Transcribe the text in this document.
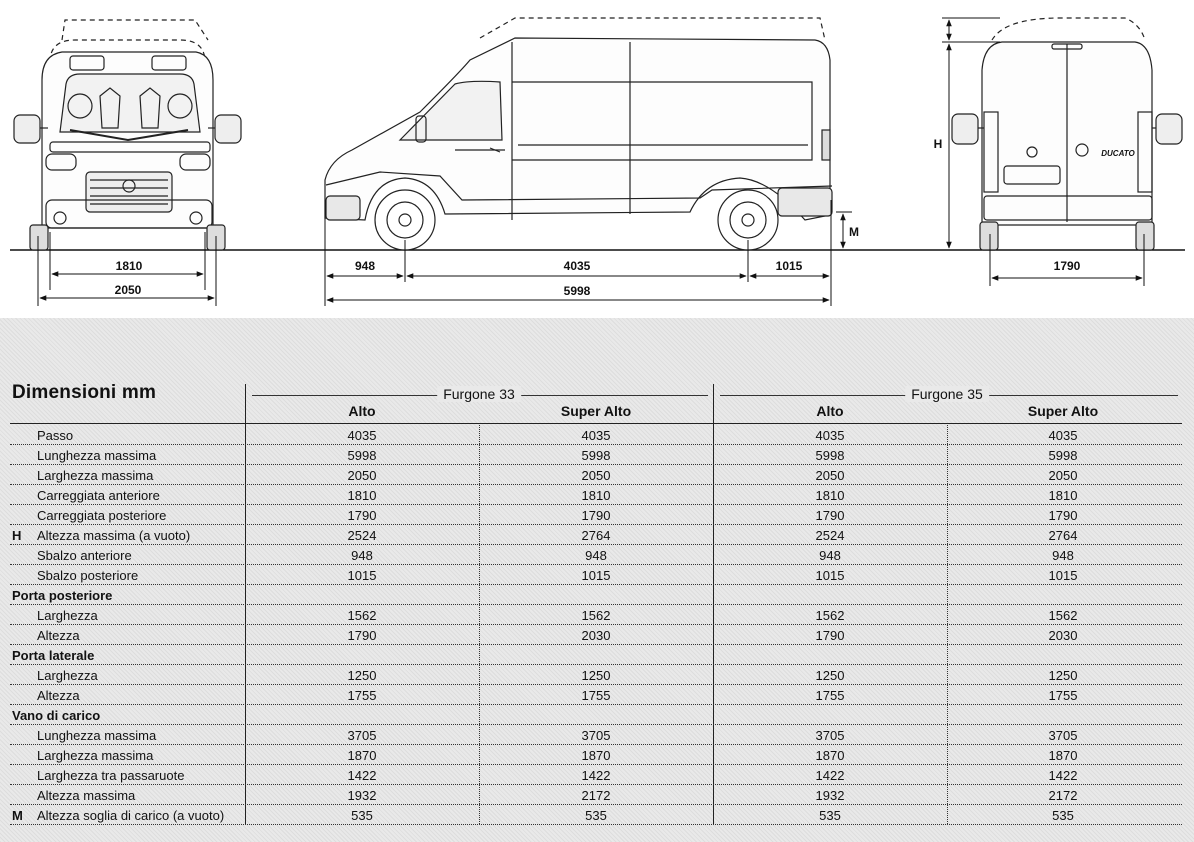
1810
2050
948	4035	1015
5998
M
DUCATO
H
1790
Dimensioni mm	Furgone 33	Furgone 35
Alto	Super Alto	Alto	Super Alto
Passo	4035	4035	4035	4035
Lunghezza massima	5998	5998	5998	5998
Larghezza massima	2050	2050	2050	2050
Carreggiata anteriore	1810	1810	1810	1810
Carreggiata posteriore	1790	1790	1790	1790
H Altezza massima (a vuoto)	2524	2764	2524	2764
Sbalzo anteriore	948	948	948	948
Sbalzo posteriore	1015	1015	1015	1015
Porta posteriore
Larghezza	1562	1562	1562	1562
Altezza	1790	2030	1790	2030
Porta laterale
Larghezza	1250	1250	1250	1250
Altezza	1755	1755	1755	1755
Vano di carico
Lunghezza massima	3705	3705	3705	3705
Larghezza massima	1870	1870	1870	1870
Larghezza tra passaruote	1422	1422	1422	1422
Altezza massima	1932	2172	1932	2172
M Altezza soglia di carico (a vuoto)	535	535	535	535
